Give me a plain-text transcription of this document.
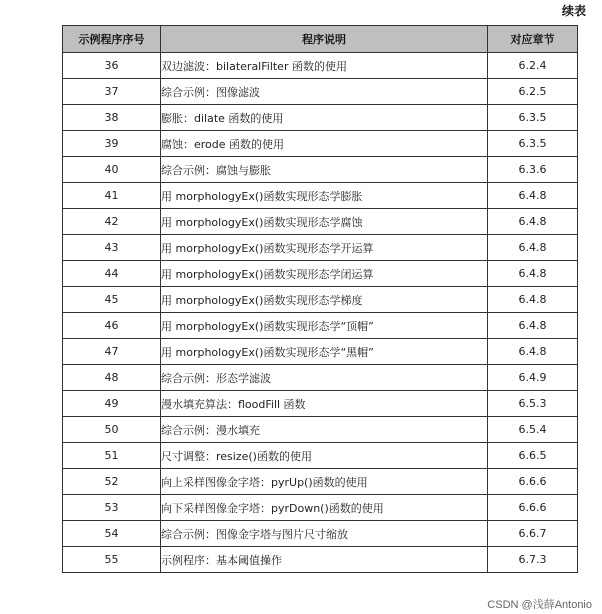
续表
示例程序序号	程序说明	对应章节
36	双边滤波：bilateralFilter 函数的使用	6.2.4
37	综合示例：图像滤波	6.2.5
38	膨胀：dilate 函数的使用	6.3.5
39	腐蚀：erode 函数的使用	6.3.5
40	综合示例：腐蚀与膨胀	6.3.6
41	用 morphologyEx()函数实现形态学膨胀	6.4.8
42	用 morphologyEx()函数实现形态学腐蚀	6.4.8
43	用 morphologyEx()函数实现形态学开运算	6.4.8
44	用 morphologyEx()函数实现形态学闭运算	6.4.8
45	用 morphologyEx()函数实现形态学梯度	6.4.8
46	用 morphologyEx()函数实现形态学“顶帽”	6.4.8
47	用 morphologyEx()函数实现形态学“黑帽”	6.4.8
48	综合示例：形态学滤波	6.4.9
49	漫水填充算法：floodFill 函数	6.5.3
50	综合示例：漫水填充	6.5.4
51	尺寸调整：resize()函数的使用	6.6.5
52	向上采样图像金字塔：pyrUp()函数的使用	6.6.6
53	向下采样图像金字塔：pyrDown()函数的使用	6.6.6
54	综合示例：图像金字塔与图片尺寸缩放	6.6.7
55	示例程序：基本阈值操作	6.7.3
CSDN @浅薛Antonio
